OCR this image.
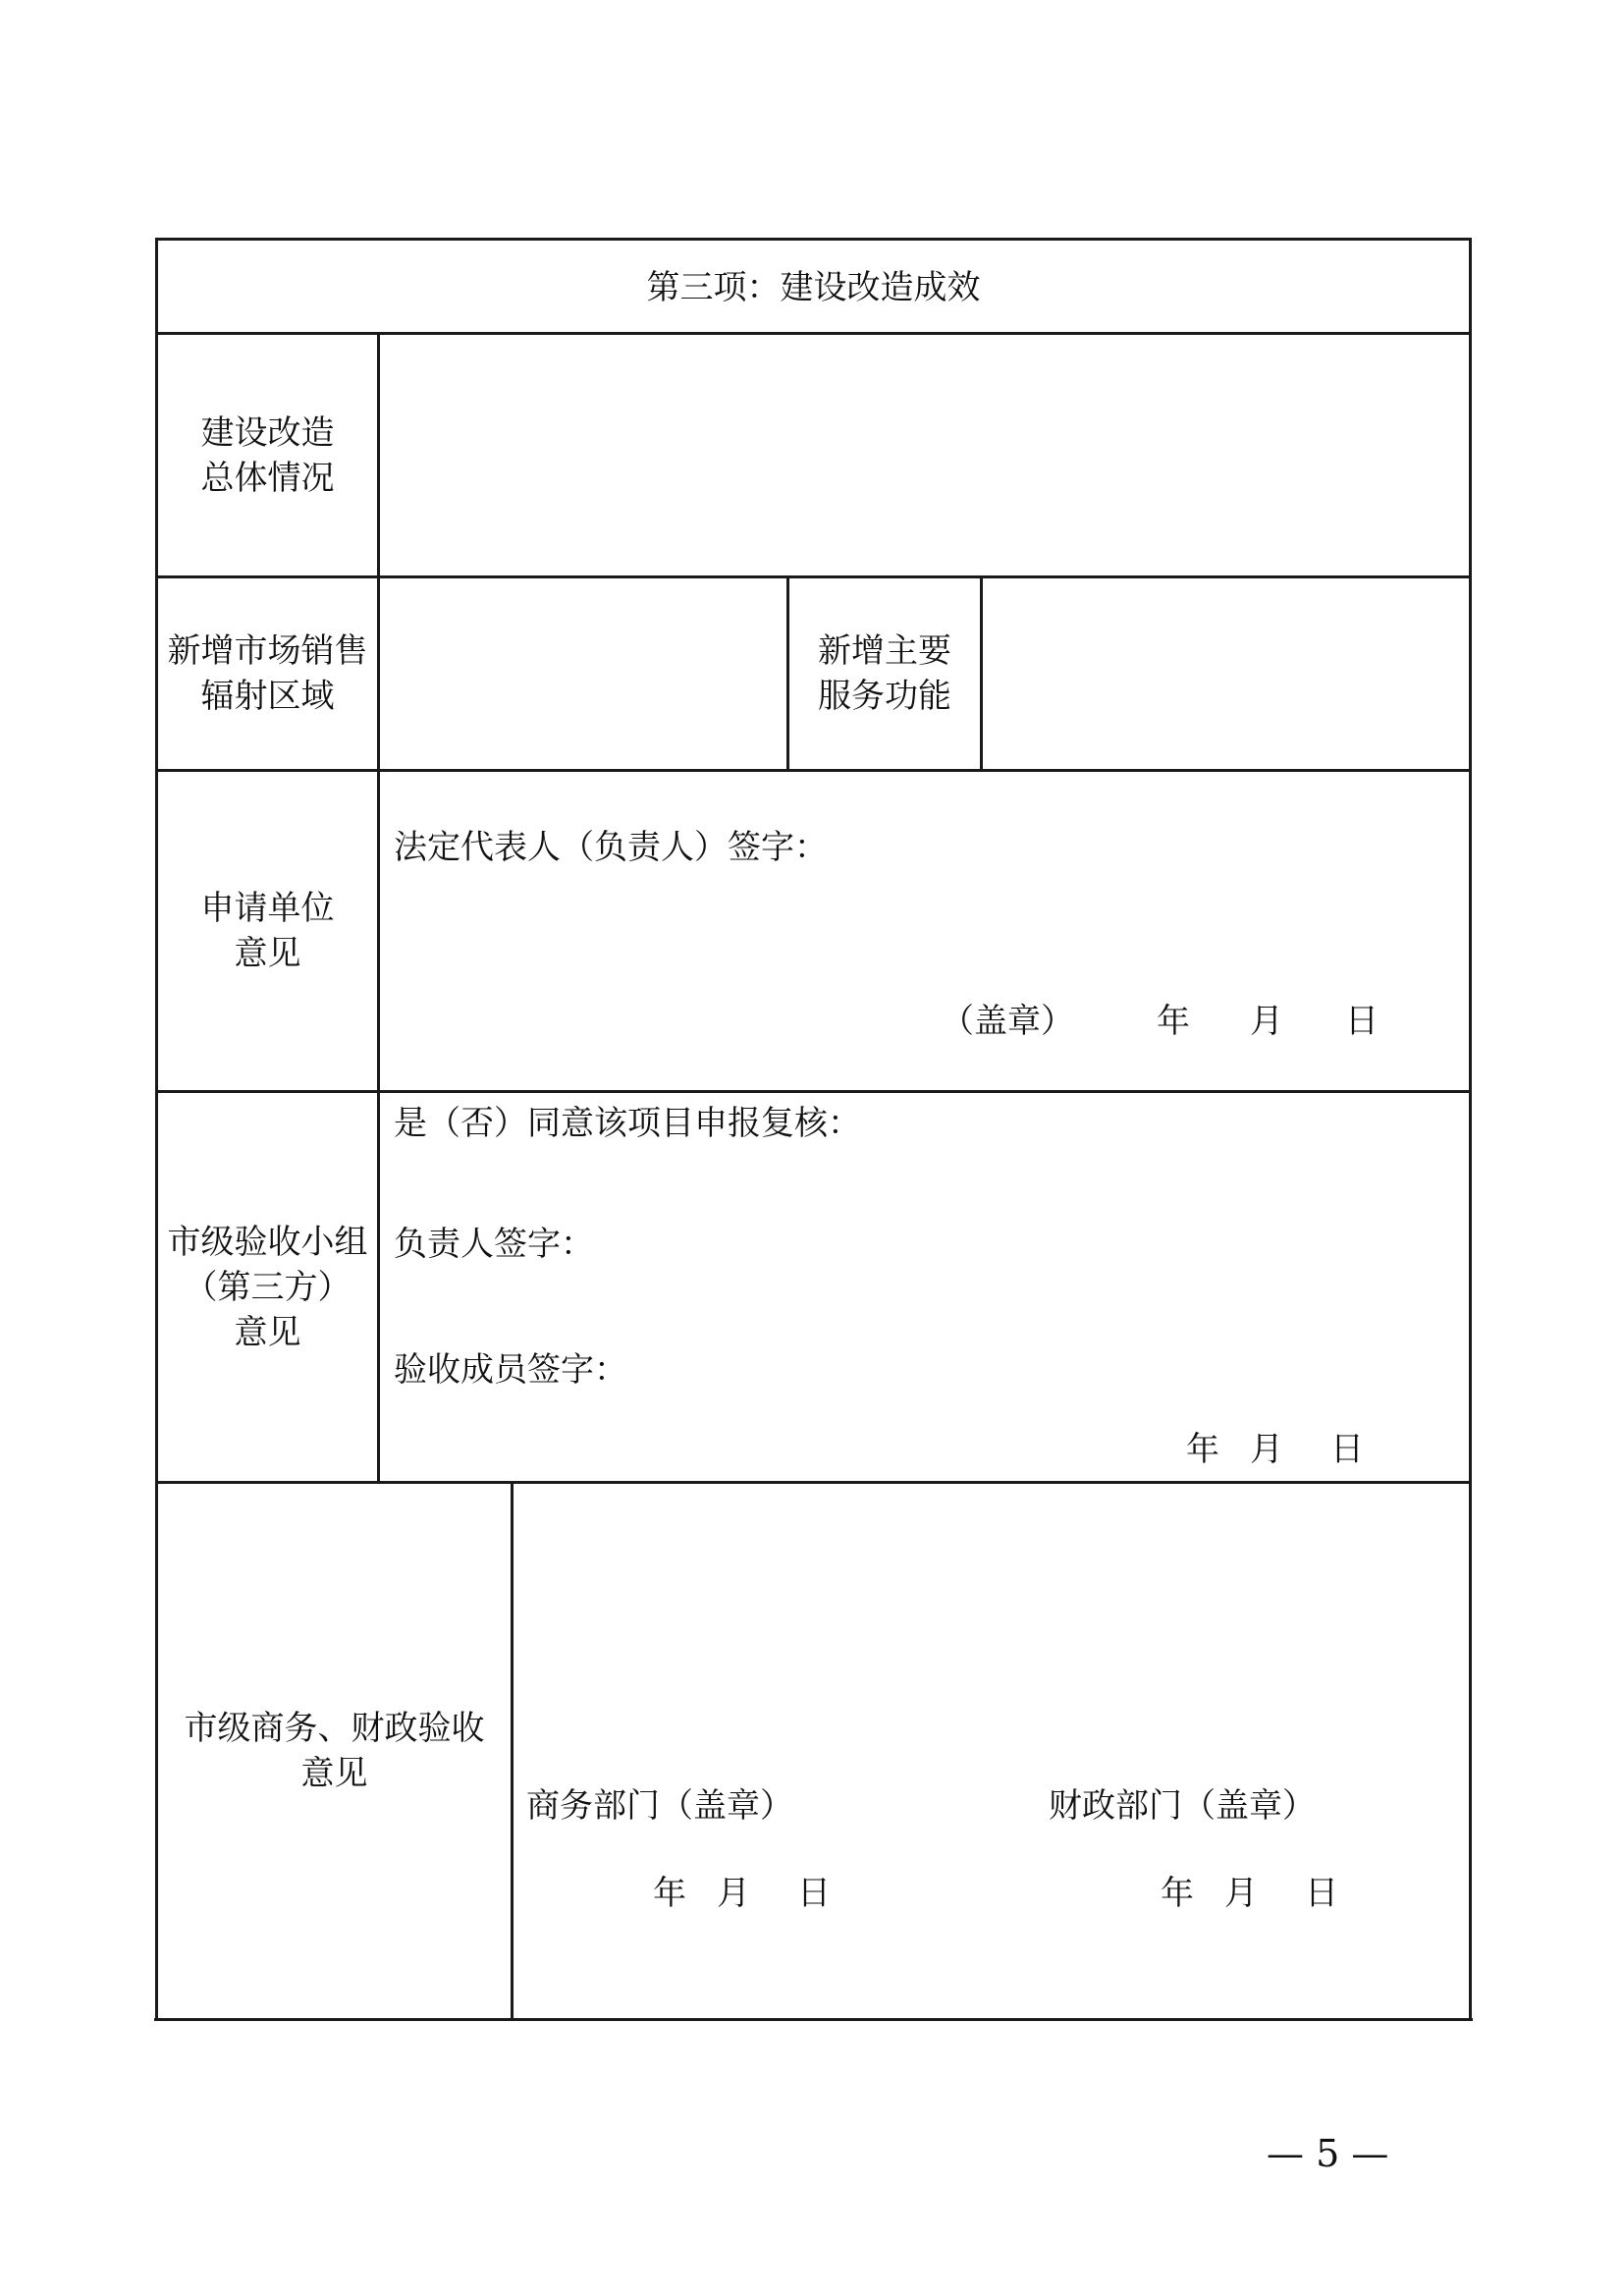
第三项：建设改造成效
建设改造
总体情况
新增市场销售
辐射区域
新增主要
服务功能
申请单位
意见
法定代表人（负责人）签字：
（盖章） 年 月 日
市级验收小组
（第三方）
意见
是（否）同意该项目申报复核：
负责人签字：
验收成员签字：
年 月 日
市级商务、财政验收
意见
商务部门（盖章）	财政部门（盖章）
年 月 日	年 月 日
— 5 —
